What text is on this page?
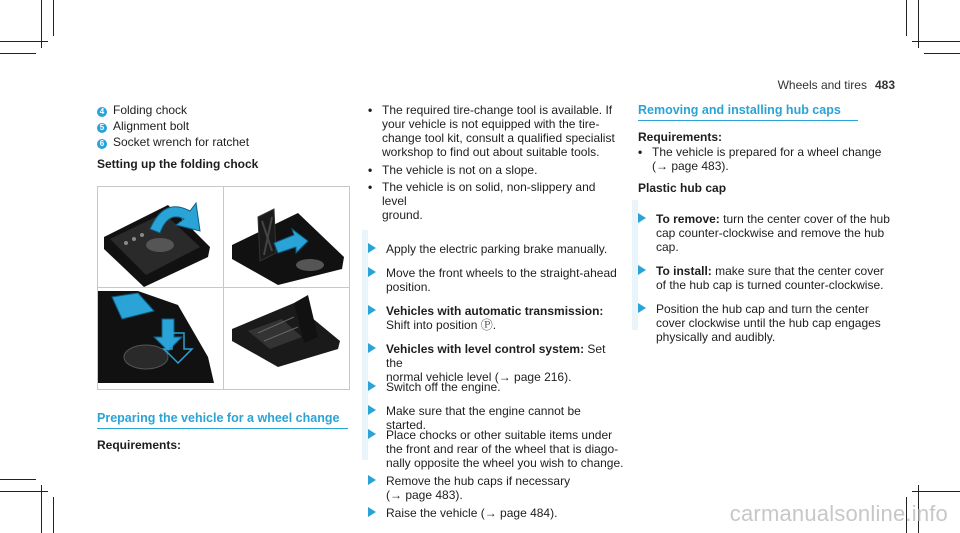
Wheels and tires 483
4 Folding chock
5 Alignment bolt
6 Socket wrench for ratchet
Setting up the folding chock
Preparing the vehicle for a wheel change
Requirements:
• The required tire-change tool is available. If
your vehicle is not equipped with the tire-
change tool kit, consult a qualified specialist
workshop to find out about suitable tools.
• The vehicle is not on a slope.
• The vehicle is on solid, non-slippery and level
ground.
Apply the electric parking brake manually.
Move the front wheels to the straight-ahead
position.
Vehicles with automatic transmission:
Shift into position Ⓟ.
Vehicles with level control system: Set the
normal vehicle level (→ page 216).
Switch off the engine.
Make sure that the engine cannot be started.
Place chocks or other suitable items under
the front and rear of the wheel that is diago-
nally opposite the wheel you wish to change.
Remove the hub caps if necessary
(→ page 483).
Raise the vehicle (→ page 484).
Removing and installing hub caps
Requirements:
• The vehicle is prepared for a wheel change
(→ page 483).
Plastic hub cap
To remove: turn the center cover of the hub
cap counter-clockwise and remove the hub
cap.
To install: make sure that the center cover
of the hub cap is turned counter-clockwise.
Position the hub cap and turn the center
cover clockwise until the hub cap engages
physically and audibly.
carmanualsonline.info
